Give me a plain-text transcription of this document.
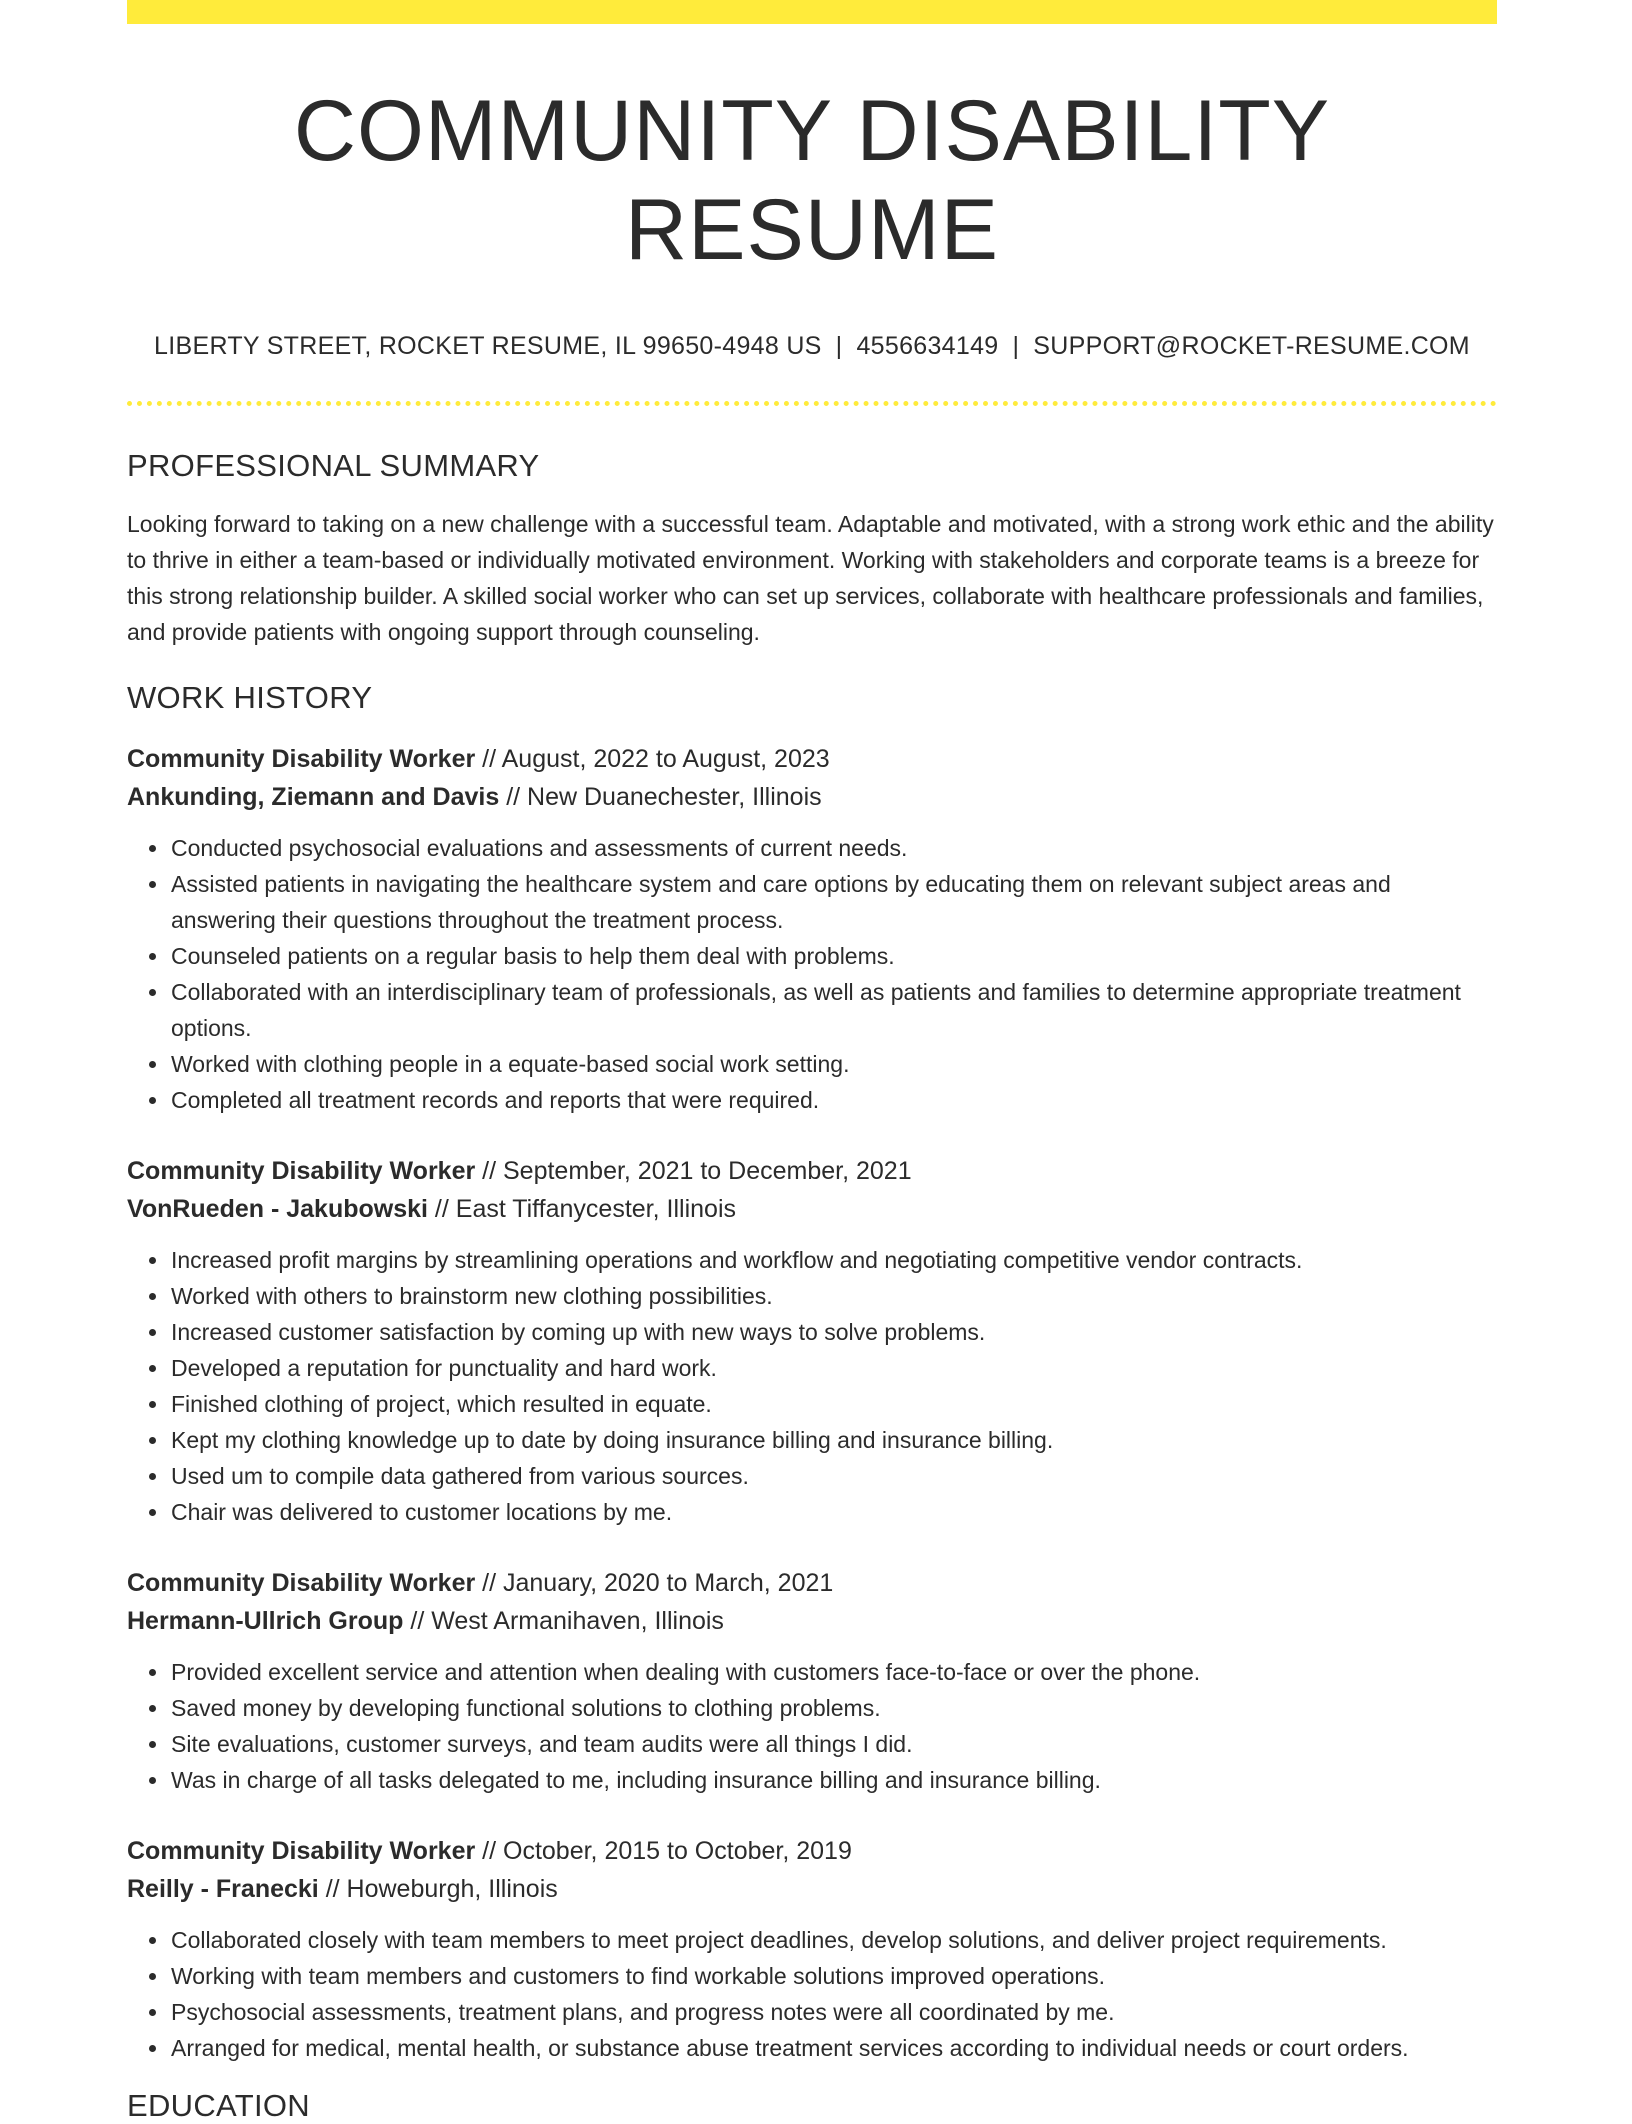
COMMUNITY DISABILITY RESUME
LIBERTY STREET, ROCKET RESUME, IL 99650-4948 US | 4556634149 | SUPPORT@ROCKET-RESUME.COM
PROFESSIONAL SUMMARY

Looking forward to taking on a new challenge with a successful team. Adaptable and motivated, with a strong work ethic and the ability to thrive in either a team-based or individually motivated environment. Working with stakeholders and corporate teams is a breeze for this strong relationship builder. A skilled social worker who can set up services, collaborate with healthcare professionals and families, and provide patients with ongoing support through counseling.

WORK HISTORY
Community Disability Worker // August, 2022 to August, 2023
Ankunding, Ziemann and Davis // New Duanechester, Illinois
• Conducted psychosocial evaluations and assessments of current needs.
• Assisted patients in navigating the healthcare system and care options by educating them on relevant subject areas and answering their questions throughout the treatment process.
• Counseled patients on a regular basis to help them deal with problems.
• Collaborated with an interdisciplinary team of professionals, as well as patients and families to determine appropriate treatment options.
• Worked with clothing people in a equate-based social work setting.
• Completed all treatment records and reports that were required.
Community Disability Worker // September, 2021 to December, 2021
VonRueden - Jakubowski // East Tiffanycester, Illinois
• Increased profit margins by streamlining operations and workflow and negotiating competitive vendor contracts.
• Worked with others to brainstorm new clothing possibilities.
• Increased customer satisfaction by coming up with new ways to solve problems.
• Developed a reputation for punctuality and hard work.
• Finished clothing of project, which resulted in equate.
• Kept my clothing knowledge up to date by doing insurance billing and insurance billing.
• Used um to compile data gathered from various sources.
• Chair was delivered to customer locations by me.
Community Disability Worker // January, 2020 to March, 2021
Hermann-Ullrich Group // West Armanihaven, Illinois
• Provided excellent service and attention when dealing with customers face-to-face or over the phone.
• Saved money by developing functional solutions to clothing problems.
• Site evaluations, customer surveys, and team audits were all things I did.
• Was in charge of all tasks delegated to me, including insurance billing and insurance billing.
Community Disability Worker // October, 2015 to October, 2019
Reilly - Franecki // Howeburgh, Illinois
• Collaborated closely with team members to meet project deadlines, develop solutions, and deliver project requirements.
• Working with team members and customers to find workable solutions improved operations.
• Psychosocial assessments, treatment plans, and progress notes were all coordinated by me.
• Arranged for medical, mental health, or substance abuse treatment services according to individual needs or court orders.
EDUCATION
